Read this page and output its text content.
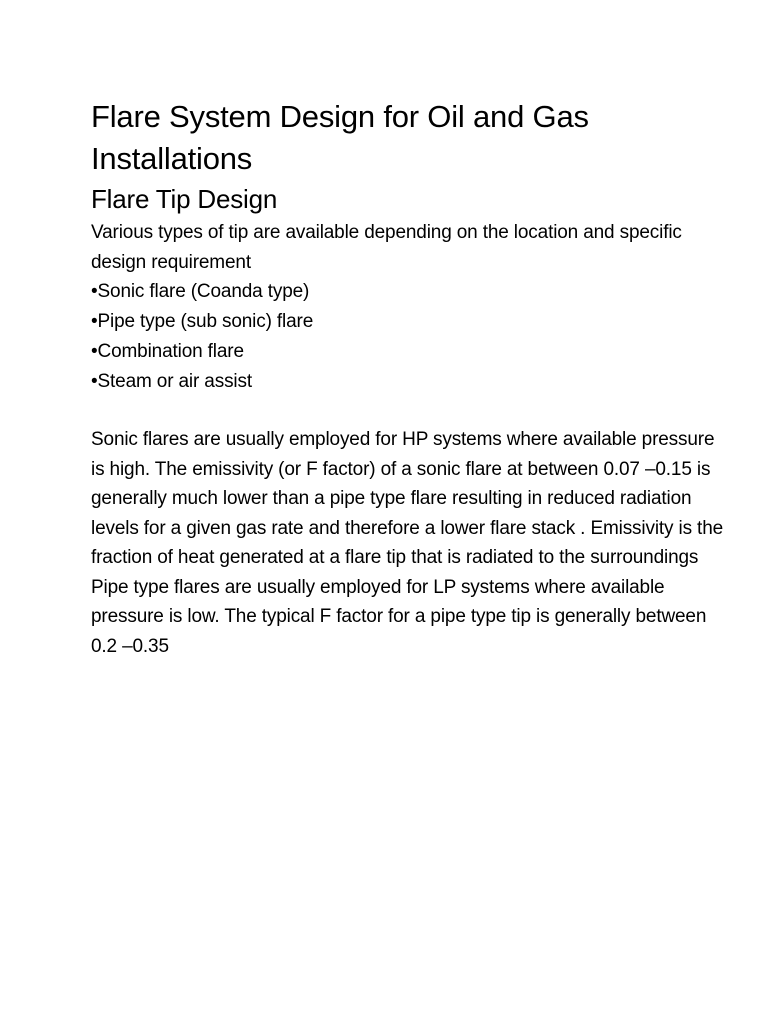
Flare System Design for Oil and Gas Installations
Flare Tip Design

Various types of tip are available depending on the location and specific design requirement

•Sonic flare (Coanda type)
•Pipe type (sub sonic) flare
•Combination flare
•Steam or air assist

Sonic flares are usually employed for HP systems where available pressure is high. The emissivity (or F factor) of a sonic flare at between 0.07 –0.15 is generally much lower than a pipe type flare resulting in reduced radiation levels for a given gas rate and therefore a lower flare stack . Emissivity is the fraction of heat generated at a flare tip that is radiated to the surroundings

Pipe type flares are usually employed for LP systems where available pressure is low. The typical F factor for a pipe type tip is generally between 0.2 –0.35
